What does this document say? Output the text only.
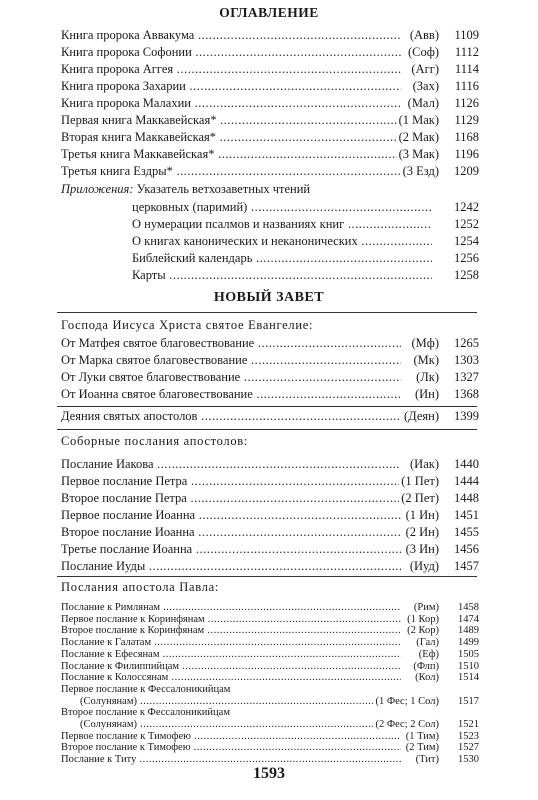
ОГЛАВЛЕНИЕ
Книга пророка Аввакума .....	(Авв) 1109
Книга пророка Софонии .....	(Соф) 1112
Книга пророка Аггея .....	(Агг) 1114
Книга пророка Захарии .....	(Зах) 1116
Книга пророка Малахии .....	(Мал) 1126
Первая книга Маккавейская* .....	(1 Мак) 1129
Вторая книга Маккавейская* .....	(2 Мак) 1168
Третья книга Маккавейская* .....	(3 Мак) 1196
Третья книга Ездры* .....	(3 Езд) 1209
Приложения: Указатель ветхозаветных чтений
церковных (паримий) .....	1242
О нумерации псалмов и названиях книг .....	1252
О книгах канонических и неканонических .....	1254
Библейский календарь .....	1256
Карты .....	1258
НОВЫЙ ЗАВЕТ
Господа Иисуса Христа святое Евангелие:
От Матфея святое благовествование .....	(Мф) 1265
От Марка святое благовествование .....	(Мк) 1303
От Луки святое благовествование .....	(Лк) 1327
От Иоанна святое благовествование .....	(Ин) 1368
Деяния святых апостолов .....	(Деян) 1399
Соборные послания апостолов:
Послание Иакова .....	(Иак) 1440
Первое послание Петра .....	(1 Пет) 1444
Второе послание Петра .....	(2 Пет) 1448
Первое послание Иоанна .....	(1 Ин) 1451
Второе послание Иоанна .....	(2 Ин) 1455
Третье послание Иоанна .....	(3 Ин) 1456
Послание Иуды .....	(Иуд) 1457
Послания апостола Павла:
Послание к Римлянам .....	(Рим) 1458
Первое послание к Коринфянам .....	(1 Кор) 1474
Второе послание к Коринфянам .....	(2 Кор) 1489
Послание к Галатам .....	(Гал) 1499
Послание к Ефесянам .....	(Еф) 1505
Послание к Филиппийцам .....	(Флп) 1510
Послание к Колоссянам .....	(Кол) 1514
Первое послание к Фессалоникийцам
(Солунянам) .....	(1 Фес; 1 Сол) 1517
1593
Второе послание к Фессалоникийцам
(Солунянам) .....	(2 Фес; 2 Сол) 1521
Первое послание к Тимофею .....	(1 Тим) 1523
Второе послание к Тимофею .....	(2 Тим) 1527
Послание к Титу .....	(Тит) 1530
